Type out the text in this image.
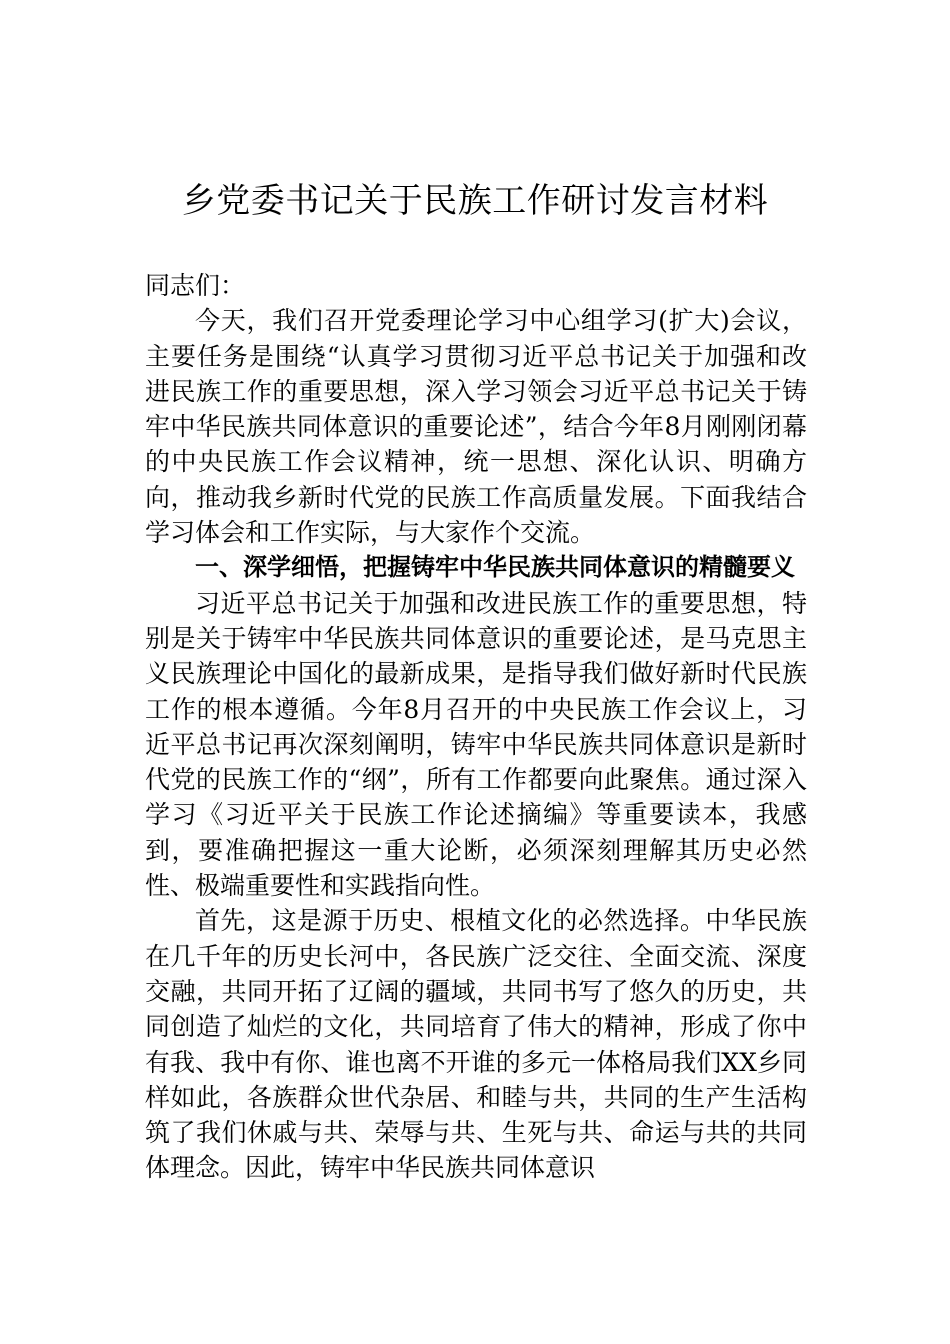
乡党委书记关于民族工作研讨发言材料

同志们：

今天，我们召开党委理论学习中心组学习(扩大)会议，主要任务是围绕“认真学习贯彻习近平总书记关于加强和改进民族工作的重要思想，深入学习领会习近平总书记关于铸牢中华民族共同体意识的重要论述”，结合今年8月刚刚闭幕的中央民族工作会议精神，统一思想、深化认识、明确方向，推动我乡新时代党的民族工作高质量发展。下面我结合学习体会和工作实际，与大家作个交流。

一、深学细悟，把握铸牢中华民族共同体意识的精髓要义

习近平总书记关于加强和改进民族工作的重要思想，特别是关于铸牢中华民族共同体意识的重要论述，是马克思主义民族理论中国化的最新成果，是指导我们做好新时代民族工作的根本遵循。今年8月召开的中央民族工作会议上，习近平总书记再次深刻阐明，铸牢中华民族共同体意识是新时代党的民族工作的“纲”，所有工作都要向此聚焦。通过深入学习《习近平关于民族工作论述摘编》等重要读本，我感到，要准确把握这一重大论断，必须深刻理解其历史必然性、极端重要性和实践指向性。

首先，这是源于历史、根植文化的必然选择。中华民族在几千年的历史长河中，各民族广泛交往、全面交流、深度交融，共同开拓了辽阔的疆域，共同书写了悠久的历史，共同创造了灿烂的文化，共同培育了伟大的精神，形成了你中有我、我中有你、谁也离不开谁的多元一体格局我们XX乡同样如此，各族群众世代杂居、和睦与共，共同的生产生活构筑了我们休戚与共、荣辱与共、生死与共、命运与共的共同体理念。因此，铸牢中华民族共同体意识
